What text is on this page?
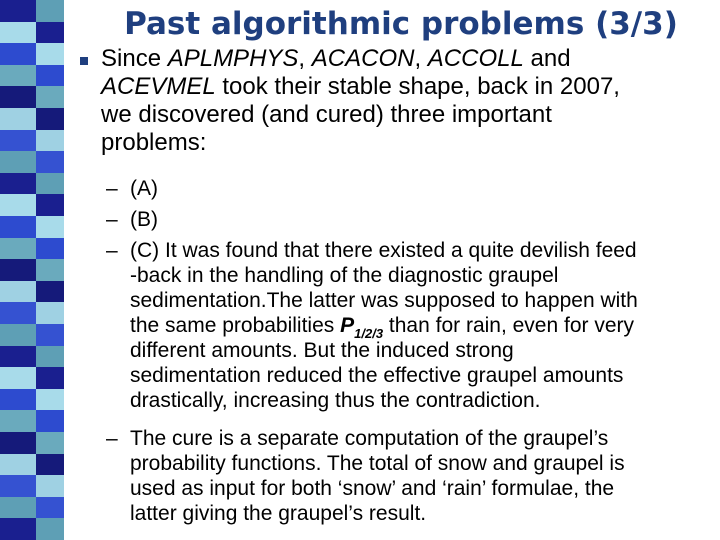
Past algorithmic problems (3/3)
Since APLMPHYS, ACACON, ACCOLL and
ACEVMEL took their stable shape, back in 2007,
we discovered (and cured) three important
problems:
– (A)
– (B)
– (C) It was found that there existed a quite devilish feed
-back in the handling of the diagnostic graupel
sedimentation.The latter was supposed to happen with
the same probabilities $P_{1/2/3}$ than for rain, even for very
different amounts. But the induced strong
sedimentation reduced the effective graupel amounts
drastically, increasing thus the contradiction.
– The cure is a separate computation of the graupel’s
probability functions. The total of snow and graupel is
used as input for both ‘snow’ and ‘rain’ formulae, the
latter giving the graupel’s result.
